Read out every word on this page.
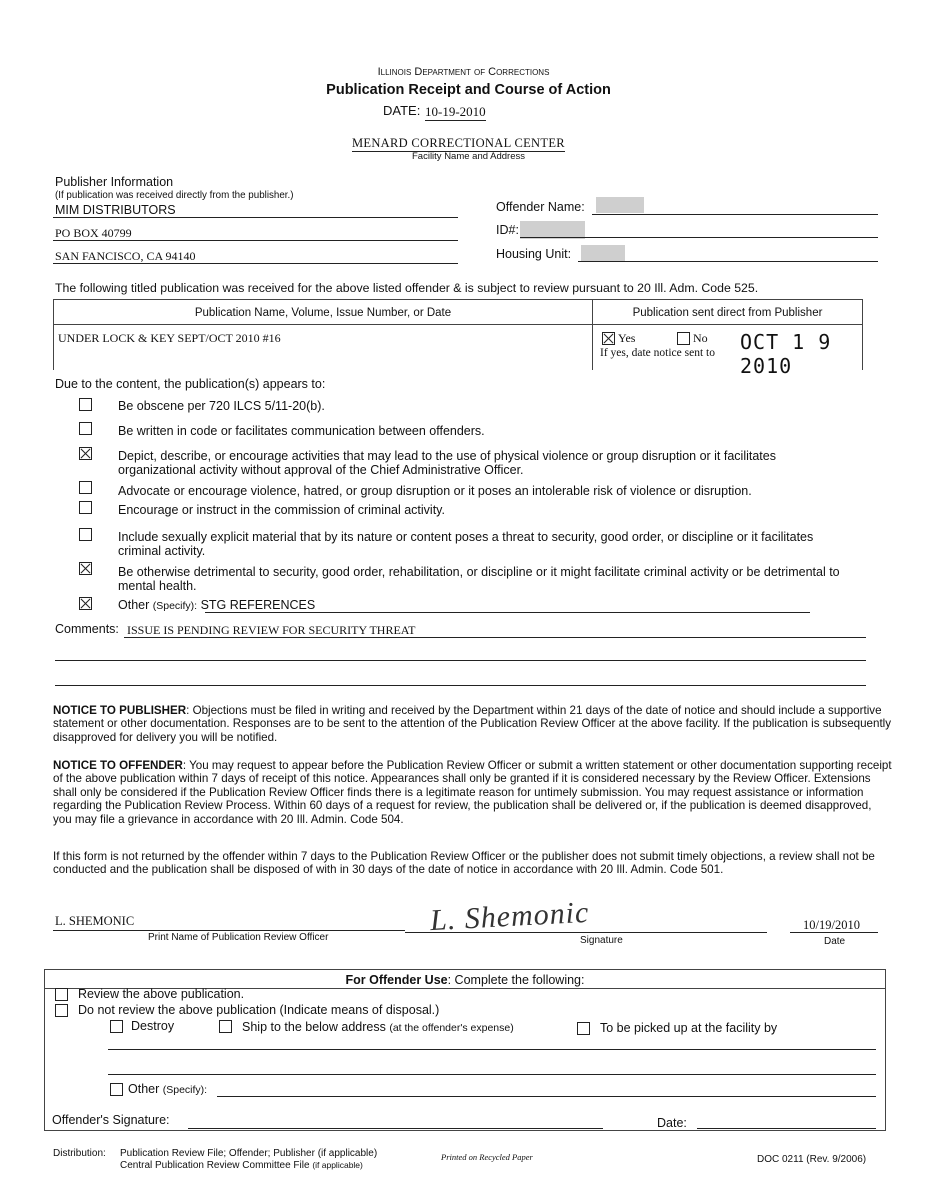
Illinois Department of Corrections
Publication Receipt and Course of Action
DATE: 10-19-2010
MENARD CORRECTIONAL CENTER
Facility Name and Address
Publisher Information
(If publication was received directly from the publisher.)
MIM DISTRIBUTORS
PO BOX 40799
SAN FANCISCO, CA 94140
Offender Name:
ID#:
Housing Unit:
The following titled publication was received for the above listed offender & is subject to review pursuant to 20 Ill. Adm. Code 525.
Publication Name, Volume, Issue Number, or Date	Publication sent direct from Publisher
UNDER LOCK & KEY SEPT/OCT 2010 #16	Yes	No
If yes, date notice sent to OCT 1 9 2010
Due to the content, the publication(s) appears to:
Be obscene per 720 ILCS 5/11-20(b).
Be written in code or facilitates communication between offenders.
Depict, describe, or encourage activities that may lead to the use of physical violence or group disruption or it facilitates organizational activity without approval of the Chief Administrative Officer.
Advocate or encourage violence, hatred, or group disruption or it poses an intolerable risk of violence or disruption.
Encourage or instruct in the commission of criminal activity.
Include sexually explicit material that by its nature or content poses a threat to security, good order, or discipline or it facilitates criminal activity.
Be otherwise detrimental to security, good order, rehabilitation, or discipline or it might facilitate criminal activity or be detrimental to mental health.
Other (Specify): STG REFERENCES
Comments: ISSUE IS PENDING REVIEW FOR SECURITY THREAT
NOTICE TO PUBLISHER: Objections must be filed in writing and received by the Department within 21 days of the date of notice and should include a supportive statement or other documentation. Responses are to be sent to the attention of the Publication Review Officer at the above facility. If the publication is subsequently disapproved for delivery you will be notified.
NOTICE TO OFFENDER: You may request to appear before the Publication Review Officer or submit a written statement or other documentation supporting receipt of the above publication within 7 days of receipt of this notice. Appearances shall only be granted if it is considered necessary by the Review Officer. Extensions shall only be considered if the Publication Review Officer finds there is a legitimate reason for untimely submission. You may request assistance or information regarding the Publication Review Process. Within 60 days of a request for review, the publication shall be delivered or, if the publication is deemed disapproved, you may file a grievance in accordance with 20 Ill. Admin. Code 504.
If this form is not returned by the offender within 7 days to the Publication Review Officer or the publisher does not submit timely objections, a review shall not be conducted and the publication shall be disposed of with in 30 days of the date of notice in accordance with 20 Ill. Admin. Code 501.
L. SHEMONIC
Print Name of Publication Review Officer
L. Shemonic
Signature
10/19/2010
Date
For Offender Use: Complete the following:
Review the above publication.
Do not review the above publication (Indicate means of disposal.)
Destroy	Ship to the below address (at the offender's expense)	To be picked up at the facility by
Other (Specify):
Offender's Signature:	Date:
Distribution: Publication Review File; Offender; Publisher (if applicable)
Central Publication Review Committee File (if applicable)
Printed on Recycled Paper	DOC 0211 (Rev. 9/2006)
